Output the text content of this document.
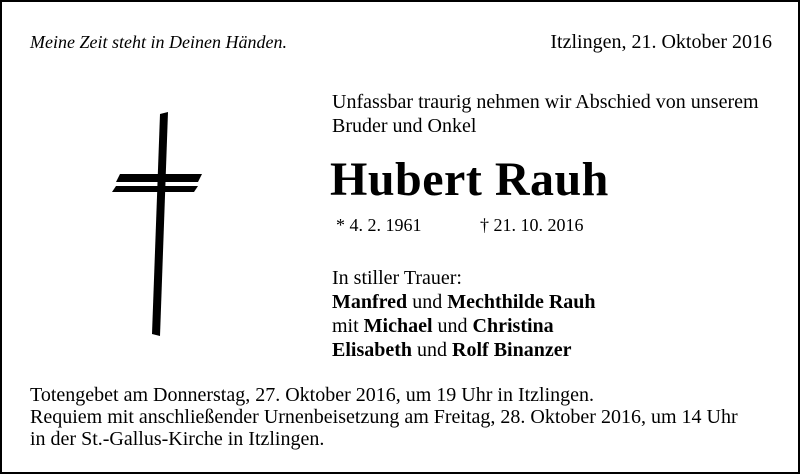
Meine Zeit steht in Deinen Händen.	Itzlingen, 21. Oktober 2016
Unfassbar traurig nehmen wir Abschied von unserem
Bruder und Onkel
Hubert Rauh
* 4. 2. 1961	† 21. 10. 2016
In stiller Trauer:
Manfred und Mechthilde Rauh
mit Michael und Christina
Elisabeth und Rolf Binanzer
Totengebet am Donnerstag, 27. Oktober 2016, um 19 Uhr in Itzlingen.
Requiem mit anschließender Urnenbeisetzung am Freitag, 28. Oktober 2016, um 14 Uhr
in der St.-Gallus-Kirche in Itzlingen.
